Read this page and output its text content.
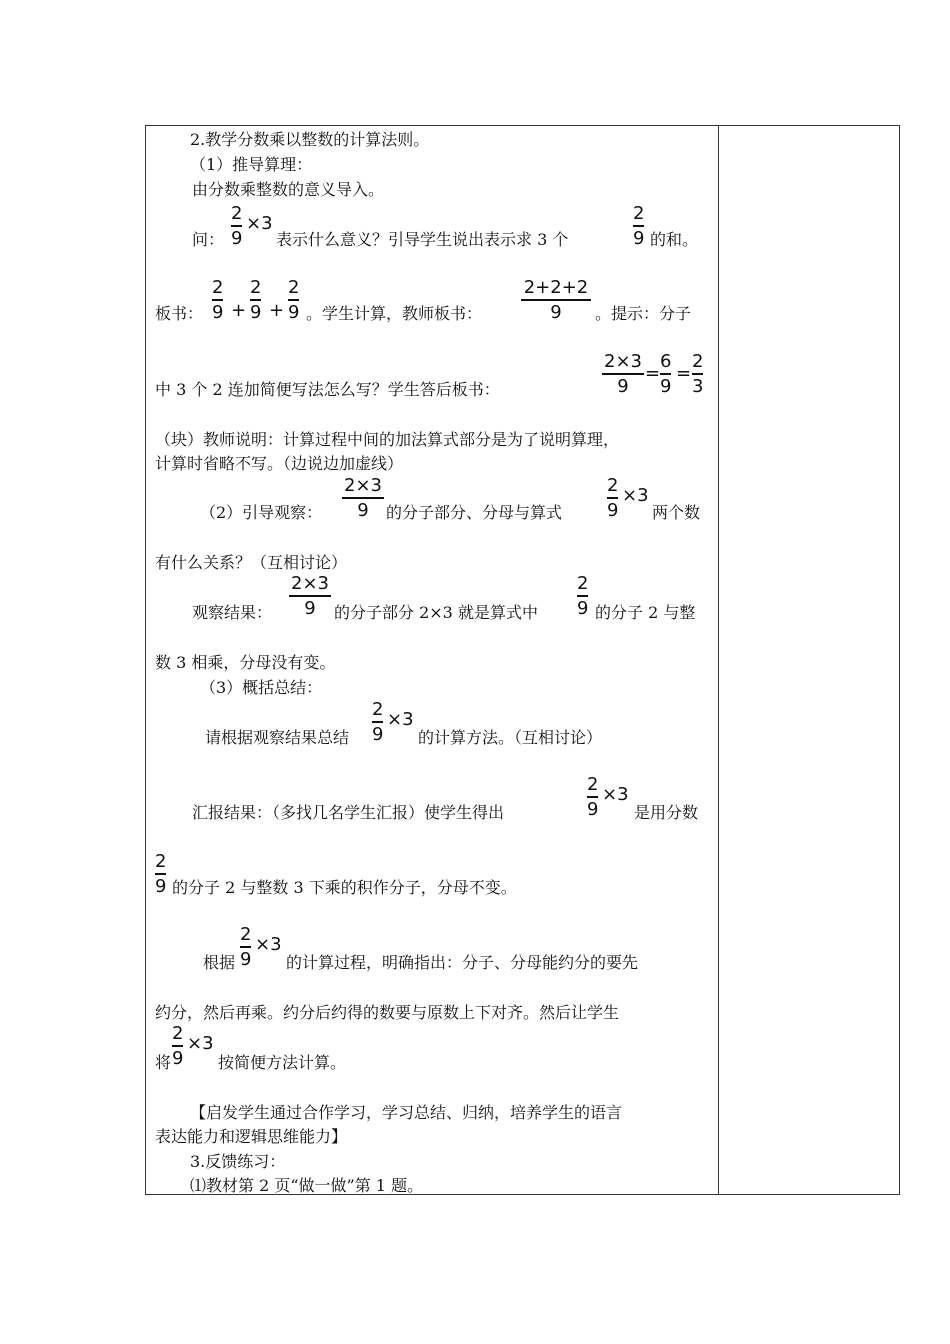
2.教学分数乘以整数的计算法则。
（1）推导算理：
由分数乘整数的意义导入。
问：
2
9
×3
表示什么意义？引导学生说出表示求 3 个
2
9 的和。
板书：
2
9 +
2
9 +
2
9 。学生计算，教师板书：
2+2+2
9	。提示：分子
中 3 个 2 连加简便写法怎么写？学生答后板书：
2×3
9
=
6
9
=
2
3
（块）教师说明：计算过程中间的加法算式部分是为了说明算理，
计算时省略不写。（边说边加虚线）
（2）引导观察：
2×3
9	的分子部分、分母与算式
2
9
×3
两个数
有什么关系？（互相讨论）
观察结果：
2×3
9	的分子部分 2×3 就是算式中
2
9 的分子 2 与整
数 3 相乘，分母没有变。
（3）概括总结：
请根据观察结果总结
2
9
×3
的计算方法。（互相讨论）
汇报结果：（多找几名学生汇报）使学生得出
2
9
×3
是用分数
2
9 的分子 2 与整数 3 下乘的积作分子，分母不变。
根据
2
9
×3
的计算过程，明确指出：分子、分母能约分的要先
约分，然后再乘。约分后约得的数要与原数上下对齐。然后让学生
将
2
9
×3
按简便方法计算。
【启发学生通过合作学习，学习总结、归纳，培养学生的语言
表达能力和逻辑思维能力】
3.反馈练习：
⑴教材第 2 页“做一做”第 1 题。
